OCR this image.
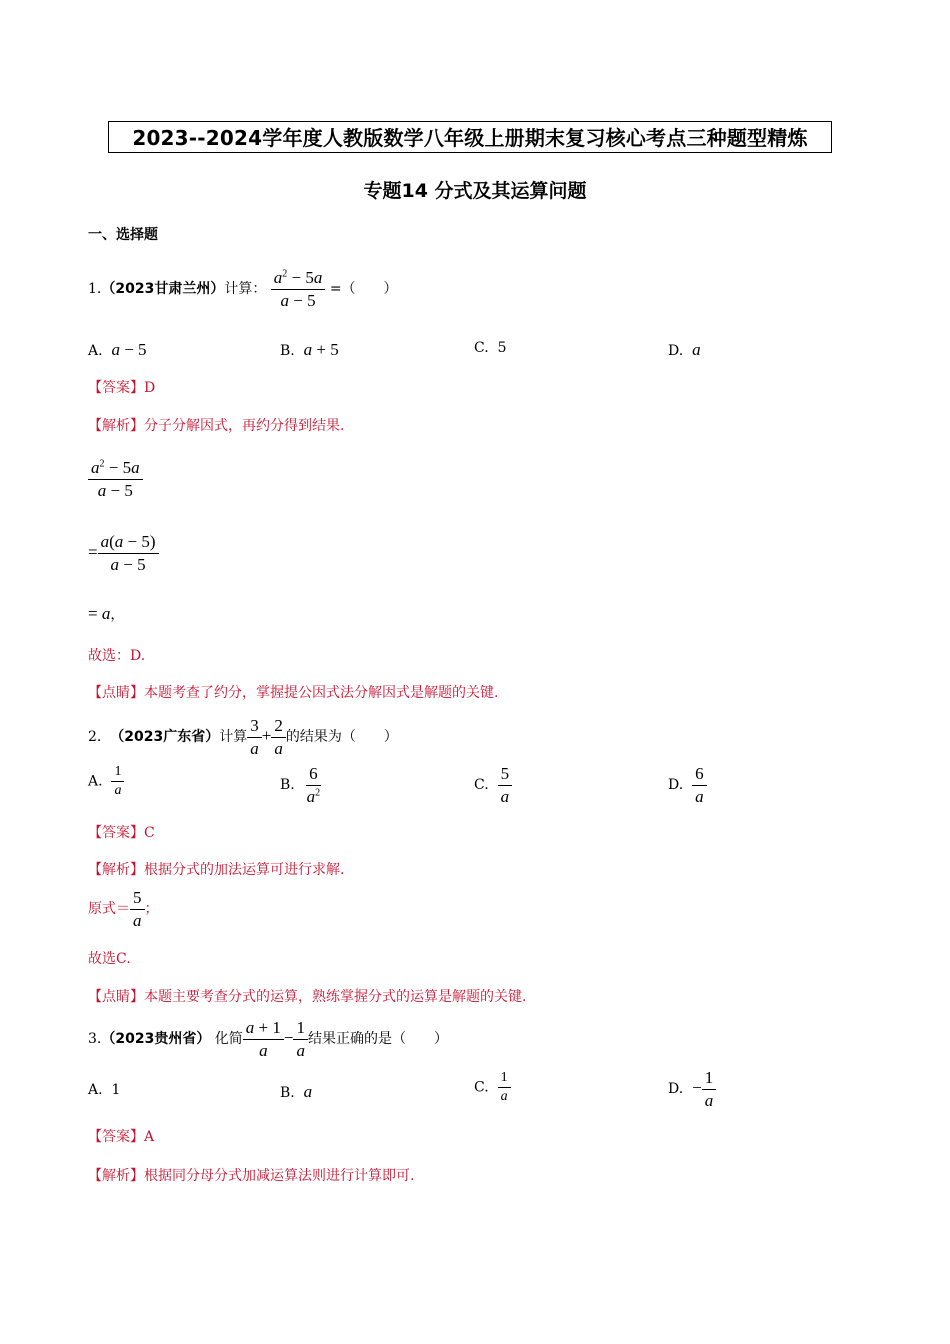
2023--2024学年度人教版数学八年级上册期末复习核心考点三种题型精炼
专题14 分式及其运算问题
一、选择题
1.（2023甘肃兰州）计算： $\frac{a^2 - 5a}{a - 5}$ =（　　）
A. a − 5	B. a + 5	C. 5	D. a
【答案】D
【解析】分子分解因式，再约分得到结果.
$\frac{a^2 - 5a}{a - 5}$
= $\frac{a(a - 5)}{a - 5}$
= a，
故选：D.
【点睛】本题考查了约分，掌握提公因式法分解因式是解题的关键.
2. （2023广东省）计算 $\frac{3}{a} + \frac{2}{a}$ 的结果为（　　）
A. $\frac{1}{a}$	B. $\frac{6}{a^2}$	C. $\frac{5}{a}$	D. $\frac{6}{a}$
【答案】C
【解析】根据分式的加法运算可进行求解.
原式＝ $\frac{5}{a}$ ；
故选C.
【点睛】本题主要考查分式的运算，熟练掌握分式的运算是解题的关键.
3.（2023贵州省） 化简 $\frac{a + 1}{a} - \frac{1}{a}$ 结果正确的是（　　）
A. 1	B. a	C. $\frac{1}{a}$	D. − $\frac{1}{a}$
【答案】A
【解析】根据同分母分式加减运算法则进行计算即可.
